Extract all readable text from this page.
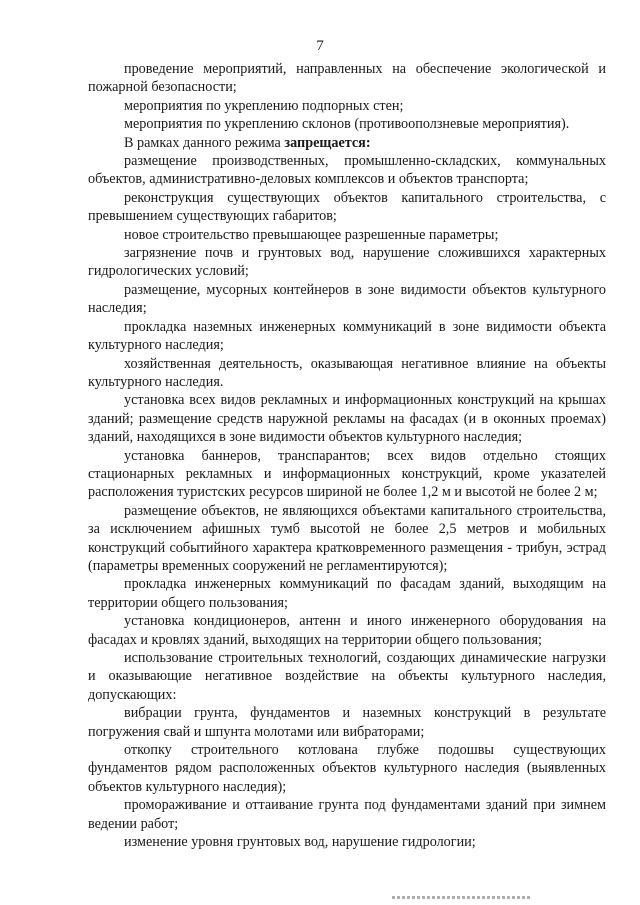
7

проведение мероприятий, направленных на обеспечение экологической и пожарной безопасности;

мероприятия по укреплению подпорных стен;

мероприятия по укреплению склонов (противооползневые мероприятия).

В рамках данного режима запрещается:

размещение производственных, промышленно-складских, коммунальных объектов, административно-деловых комплексов и объектов транспорта;

реконструкция существующих объектов капитального строительства, с превышением существующих габаритов;

новое строительство превышающее разрешенные параметры;

загрязнение почв и грунтовых вод, нарушение сложившихся характерных гидрологических условий;

размещение, мусорных контейнеров в зоне видимости объектов культурного наследия;

прокладка наземных инженерных коммуникаций в зоне видимости объекта культурного наследия;

хозяйственная деятельность, оказывающая негативное влияние на объекты культурного наследия.

установка всех видов рекламных и информационных конструкций на крышах зданий; размещение средств наружной рекламы на фасадах (и в оконных проемах) зданий, находящихся в зоне видимости объектов культурного наследия;

установка баннеров, транспарантов; всех видов отдельно стоящих стационарных рекламных и информационных конструкций, кроме указателей расположения туристских ресурсов шириной не более 1,2 м и высотой не более 2 м;

размещение объектов, не являющихся объектами капитального строительства, за исключением афишных тумб высотой не более 2,5 метров и мобильных конструкций событийного характера кратковременного размещения - трибун, эстрад (параметры временных сооружений не регламентируются);

прокладка инженерных коммуникаций по фасадам зданий, выходящим на территории общего пользования;

установка кондиционеров, антенн и иного инженерного оборудования на фасадах и кровлях зданий, выходящих на территории общего пользования;

использование строительных технологий, создающих динамические нагрузки и оказывающие негативное воздействие на объекты культурного наследия, допускающих:

вибрации грунта, фундаментов и наземных конструкций в результате погружения свай и шпунта молотами или вибраторами;

откопку строительного котлована глубже подошвы существующих фундаментов рядом расположенных объектов культурного наследия (выявленных объектов культурного наследия);

промораживание и оттаивание грунта под фундаментами зданий при зимнем ведении работ;

изменение уровня грунтовых вод, нарушение гидрологии;
